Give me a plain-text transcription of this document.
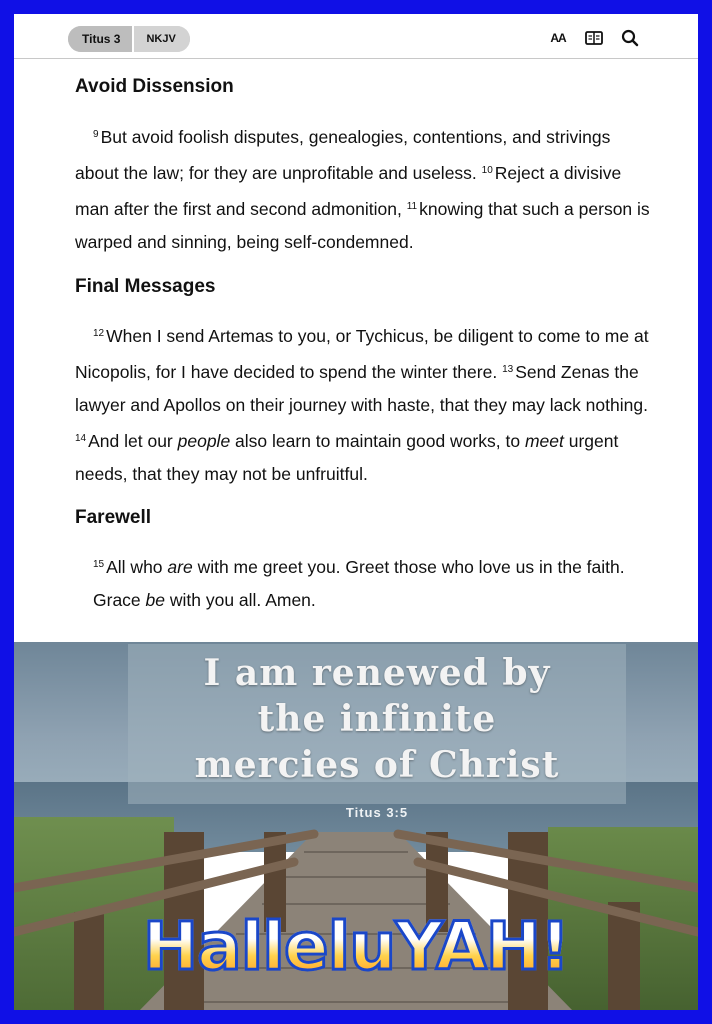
Titus 3	NKJV	AA
Avoid Dissension

$^9$ But avoid foolish disputes, genealogies, contentions, and strivings about the law; for they are unprofitable and useless. $^{10}$ Reject a divisive man after the first and second admonition, $^{11}$ knowing that such a person is warped and sinning, being self-condemned.

Final Messages

$^{12}$ When I send Artemas to you, or Tychicus, be diligent to come to me at Nicopolis, for I have decided to spend the winter there. $^{13}$ Send Zenas the lawyer and Apollos on their journey with haste, that they may lack nothing. $^{14}$ And let our people also learn to maintain good works, to meet urgent needs, that they may not be unfruitful.

Farewell

$^{15}$ All who are with me greet you. Greet those who love us in the faith.
Grace be with you all. Amen.

I am renewed by
the infinite
mercies of Christ
Titus 3:5
HalleluYAH!
